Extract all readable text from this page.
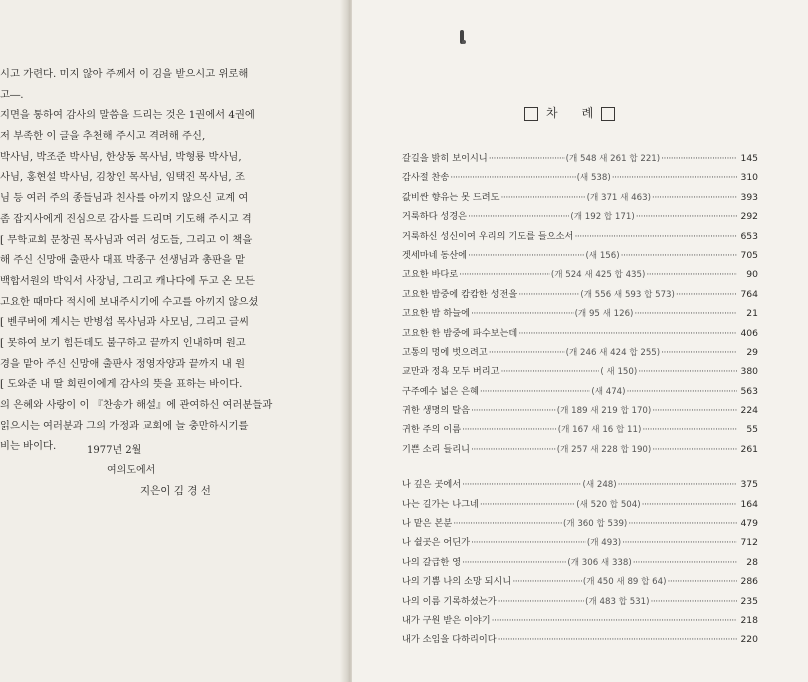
시고 가련다. 미지 않아 주께서 이 김을 받으시고 위로해
고―.
지면을 통하여 감사의 말씀을 드리는 것은 1권에서 4권에
저 부족한 이 글을 추천해 주시고 격려해 주신,
박사님, 박조준 박사님, 한상동 목사님, 박형룡 박사님,
사님, 홍현설 박사님, 김창인 목사님, 임택진 목사님, 조
님 등 여러 주의 종들님과 친사를 아끼지 않으신 교계 여
좀 잡지사에게 진심으로 감사를 드리며 기도해 주시고 격
[ 무학교회 문창권 목사님과 여러 성도들, 그리고 이 책을
해 주신 신망애 출판사 대표 박종구 선생님과 총판을 맡
백합서원의 박익서 사장님, 그리고 캐나다에 두고 온 모든
고요한 때마다 적시에 보내주시기에 수고를 아끼지 않으셨
[ 벤쿠버에 계시는 반병섭 목사님과 사모님, 그리고 글씨
[ 못하여 보기 힘든데도 불구하고 끝까지 인내하며 원고
경을 맡아 주신 신망애 출판사 정영자양과 끝까지 내 원
[ 도와준 내 딸 희린이에게 감사의 뜻을 표하는 바이다.
의 은혜와 사랑이 이 『찬송가 해설』에 관여하신 여러분들과
읽으시는 여러분과 그의 가정과 교회에 늘 충만하시기를
비는 바이다.	1977년 2월
여의도에서
지은이 김 경 선
차 례
갈길을 밝히 보이시니 ·····	(개 548 새 261 합 221) ·····	145
감사절 찬송 ·····	(새 538) ·····	310
값비싼 향유는 못 드려도 ·····	(개 371 새 463) ·····	393
거룩하다 성경은 ·····	(개 192 합 171) ·····	292
거룩하신 성신이여 우리의 기도를 들으소서 ·····	653
겟세마네 동산에 ·····	(새 156) ·····	705
고요한 바다로 ·····	(개 524 새 425 합 435) ·····	90
고요한 밤중에 캄캄한 성전을 ·····	(개 556 새 593 합 573) ·····	764
고요한 밤 하늘에 ·····	(개 95 새 126) ·····	21
고요한 한 밤중에 파수보는데 ·····	406
고통의 멍에 벗으려고 ·····	(개 246 새 424 합 255) ·····	29
교만과 정욕 모두 버리고 ·····	( 새 150) ·····	380
구주예수 넓은 은혜 ·····	(새 474) ·····	563
귀한 생명의 탈음 ·····	(개 189 새 219 합 170) ·····	224
귀한 주의 이름 ·····	(개 167 새 16 합 11) ·····	55
기쁜 소리 들리니 ·····	(개 257 새 228 합 190) ·····	261
나 깊은 곳에서 ·····	(새 248) ·····	375
나는 길가는 나그네 ·····	(새 520 합 504) ·····	164
나 맡은 본분 ·····	(개 360 합 539) ·····	479
나 쉴곳은 어딘가 ·····	(개 493) ·····	712
나의 갈급한 영 ·····	(개 306 새 338) ·····	28
나의 기쁨 나의 소망 되시니 ·····	(개 450 새 89 합 64) ·····	286
나의 이름 기록하셨는가 ·····	(개 483 합 531) ·····	235
내가 구원 받은 이야기 ·····	218
내가 소임을 다하리이다 ·····	220
